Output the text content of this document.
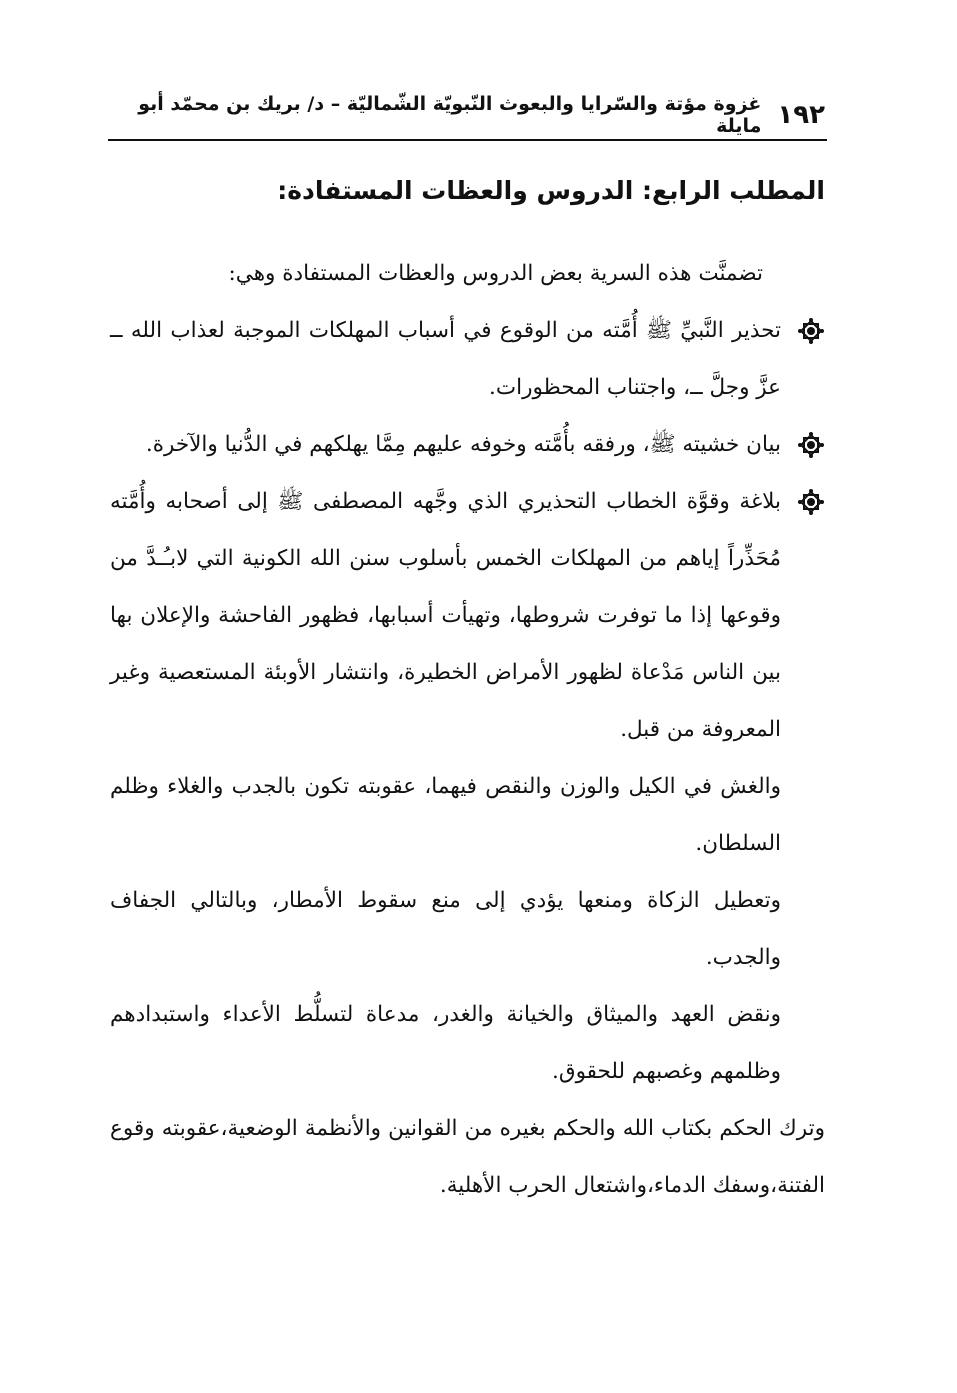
١٩٢
غزوة مؤتة والسّرايا والبعوث النّبويّة الشّماليّة – د/ بريك بن محمّد أبو مايلة
المطلب الرابع: الدروس والعظات المستفادة:

تضمنَّت هذه السرية بعض الدروس والعظات المستفادة وهي:

تحذير النَّبيِّ ﷺ أُمَّته من الوقوع في أسباب المهلكات الموجبة لعذاب الله ــ عزَّ وجلَّ ــ، واجتناب المحظورات.

بيان خشيته ﷺ، ورفقه بأُمَّته وخوفه عليهم مِمَّا يهلكهم في الدُّنيا والآخرة.

بلاغة وقوَّة الخطاب التحذيري الذي وجَّهه المصطفى ﷺ إلى أصحابه وأُمَّته مُحَذِّراً إياهم من المهلكات الخمس بأسلوب سنن الله الكونية التي لابـُـدَّ من وقوعها إذا ما توفرت شروطها، وتهيأت أسبابها، فظهور الفاحشة والإعلان بها بين الناس مَدْعاة لظهور الأمراض الخطيرة، وانتشار الأوبئة المستعصية وغير المعروفة من قبل.

والغش في الكيل والوزن والنقص فيهما، عقوبته تكون بالجدب والغلاء وظلم السلطان.

وتعطيل الزكاة ومنعها يؤدي إلى منع سقوط الأمطار، وبالتالي الجفاف والجدب.

ونقض العهد والميثاق والخيانة والغدر، مدعاة لتسلُّط الأعداء واستبدادهم وظلمهم وغصبهم للحقوق.

وترك الحكم بكتاب الله والحكم بغيره من القوانين والأنظمة الوضعية،عقوبته وقوع الفتنة،وسفك الدماء،واشتعال الحرب الأهلية.
